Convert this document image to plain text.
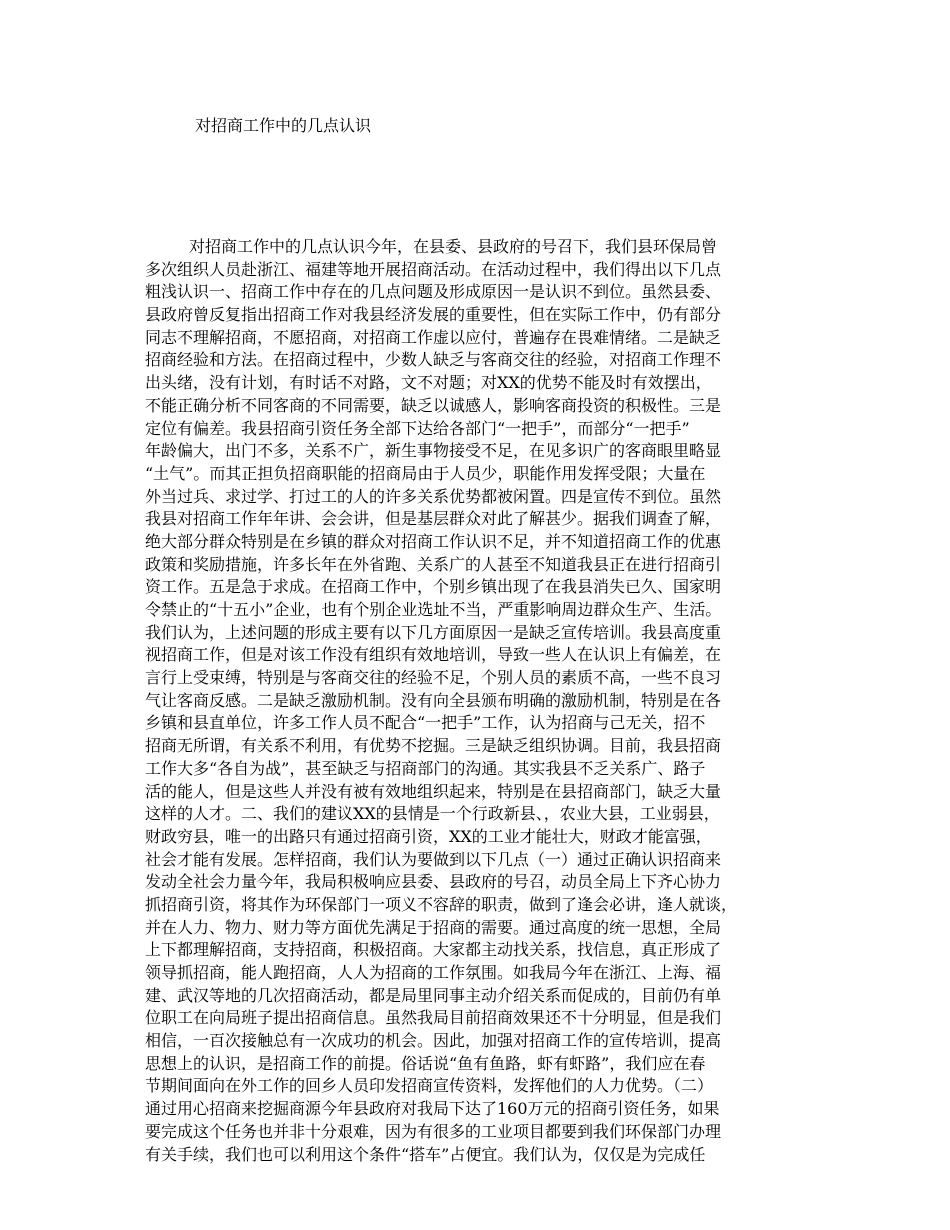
对招商工作中的几点认识
对招商工作中的几点认识今年，在县委、县政府的号召下，我们县环保局曾
多次组织人员赴浙江、福建等地开展招商活动。在活动过程中，我们得出以下几点
粗浅认识一、招商工作中存在的几点问题及形成原因一是认识不到位。虽然县委、
县政府曾反复指出招商工作对我县经济发展的重要性，但在实际工作中，仍有部分
同志不理解招商，不愿招商，对招商工作虚以应付，普遍存在畏难情绪。二是缺乏
招商经验和方法。在招商过程中，少数人缺乏与客商交往的经验，对招商工作理不
出头绪，没有计划，有时话不对路，文不对题；对XX的优势不能及时有效摆出，
不能正确分析不同客商的不同需要，缺乏以诚感人，影响客商投资的积极性。三是
定位有偏差。我县招商引资任务全部下达给各部门“一把手”，而部分“一把手”
年龄偏大，出门不多，关系不广，新生事物接受不足，在见多识广的客商眼里略显
“土气”。而其正担负招商职能的招商局由于人员少，职能作用发挥受限；大量在
外当过兵、求过学、打过工的人的许多关系优势都被闲置。四是宣传不到位。虽然
我县对招商工作年年讲、会会讲，但是基层群众对此了解甚少。据我们调查了解，
绝大部分群众特别是在乡镇的群众对招商工作认识不足，并不知道招商工作的优惠
政策和奖励措施，许多长年在外省跑、关系广的人甚至不知道我县正在进行招商引
资工作。五是急于求成。在招商工作中，个别乡镇出现了在我县消失已久、国家明
令禁止的“十五小”企业，也有个别企业选址不当，严重影响周边群众生产、生活。
我们认为，上述问题的形成主要有以下几方面原因一是缺乏宣传培训。我县高度重
视招商工作，但是对该工作没有组织有效地培训，导致一些人在认识上有偏差，在
言行上受束缚，特别是与客商交往的经验不足，个别人员的素质不高，一些不良习
气让客商反感。二是缺乏激励机制。没有向全县颁布明确的激励机制，特别是在各
乡镇和县直单位，许多工作人员不配合“一把手”工作，认为招商与己无关，招不
招商无所谓，有关系不利用，有优势不挖掘。三是缺乏组织协调。目前，我县招商
工作大多“各自为战”，甚至缺乏与招商部门的沟通。其实我县不乏关系广、路子
活的能人，但是这些人并没有被有效地组织起来，特别是在县招商部门，缺乏大量
这样的人才。二、我们的建议XX的县情是一个行政新县、，农业大县，工业弱县，
财政穷县，唯一的出路只有通过招商引资，XX的工业才能壮大，财政才能富强，
社会才能有发展。怎样招商，我们认为要做到以下几点（一）通过正确认识招商来
发动全社会力量今年，我局积极响应县委、县政府的号召，动员全局上下齐心协力
抓招商引资，将其作为环保部门一项义不容辞的职责，做到了逢会必讲，逢人就谈，
并在人力、物力、财力等方面优先满足于招商的需要。通过高度的统一思想，全局
上下都理解招商，支持招商，积极招商。大家都主动找关系，找信息，真正形成了
领导抓招商，能人跑招商，人人为招商的工作氛围。如我局今年在浙江、上海、福
建、武汉等地的几次招商活动，都是局里同事主动介绍关系而促成的，目前仍有单
位职工在向局班子提出招商信息。虽然我局目前招商效果还不十分明显，但是我们
相信，一百次接触总有一次成功的机会。因此，加强对招商工作的宣传培训，提高
思想上的认识，是招商工作的前提。俗话说“鱼有鱼路，虾有虾路”，我们应在春
节期间面向在外工作的回乡人员印发招商宣传资料，发挥他们的人力优势。（二）
通过用心招商来挖掘商源今年县政府对我局下达了160万元的招商引资任务，如果
要完成这个任务也并非十分艰难，因为有很多的工业项目都要到我们环保部门办理
有关手续，我们也可以利用这个条件“搭车”占便宜。我们认为，仅仅是为完成任
